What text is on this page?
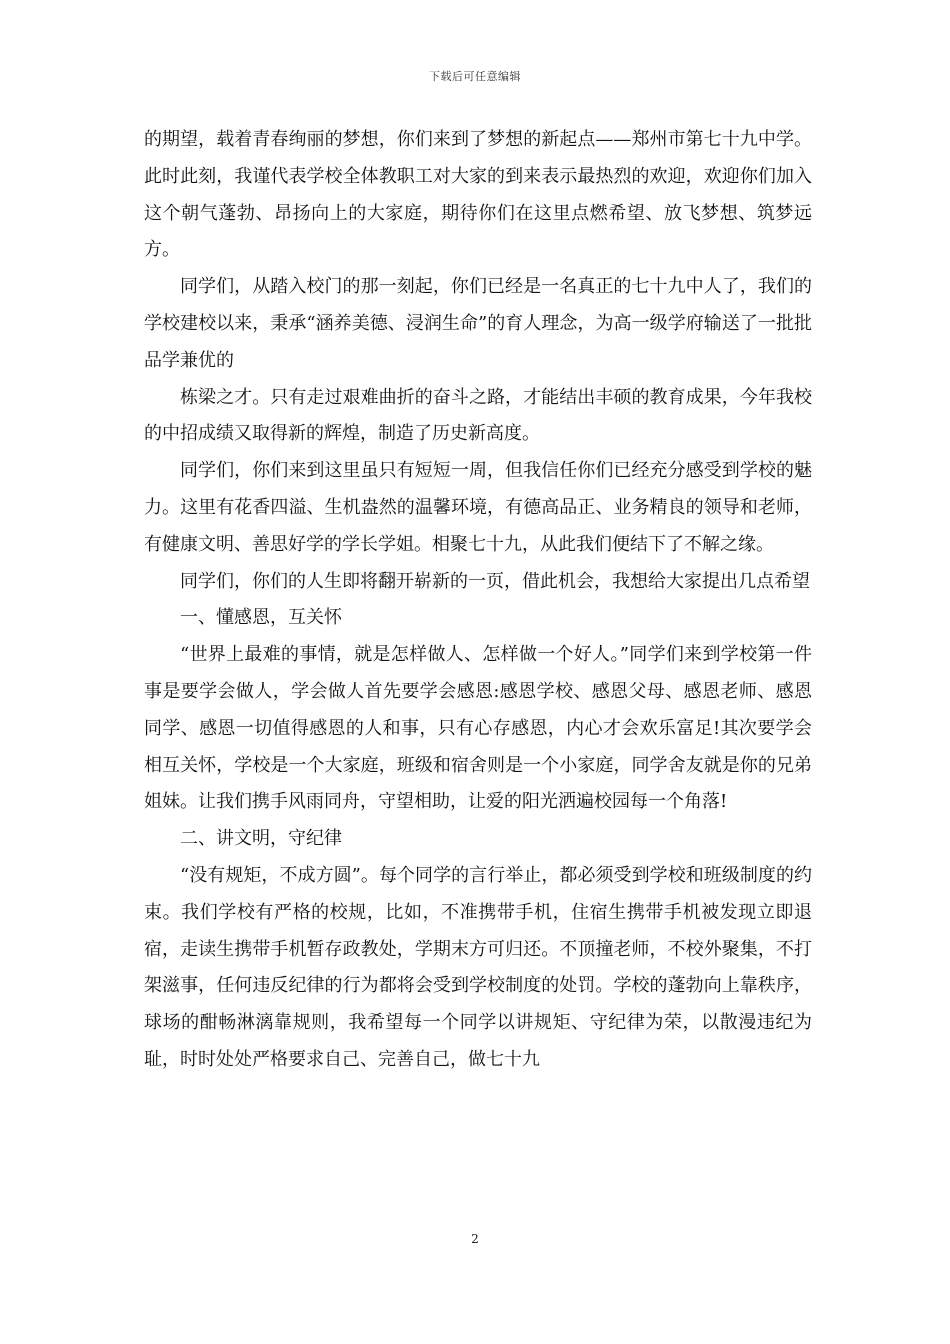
下载后可任意编辑

的期望，载着青春绚丽的梦想，你们来到了梦想的新起点——郑州市第七十九中学。此时此刻，我谨代表学校全体教职工对大家的到来表示最热烈的欢迎，欢迎你们加入这个朝气蓬勃、昂扬向上的大家庭，期待你们在这里点燃希望、放飞梦想、筑梦远方。

同学们，从踏入校门的那一刻起，你们已经是一名真正的七十九中人了，我们的学校建校以来，秉承“涵养美德、浸润生命”的育人理念，为高一级学府输送了一批批品学兼优的

栋梁之才。只有走过艰难曲折的奋斗之路，才能结出丰硕的教育成果，今年我校的中招成绩又取得新的辉煌，制造了历史新高度。

同学们，你们来到这里虽只有短短一周，但我信任你们已经充分感受到学校的魅力。这里有花香四溢、生机盎然的温馨环境，有德高品正、业务精良的领导和老师，有健康文明、善思好学的学长学姐。相聚七十九，从此我们便结下了不解之缘。

同学们，你们的人生即将翻开崭新的一页，借此机会，我想给大家提出几点希望

一、懂感恩，互关怀

“世界上最难的事情，就是怎样做人、怎样做一个好人。”同学们来到学校第一件事是要学会做人，学会做人首先要学会感恩:感恩学校、感恩父母、感恩老师、感恩同学、感恩一切值得感恩的人和事，只有心存感恩，内心才会欢乐富足!其次要学会相互关怀，学校是一个大家庭，班级和宿舍则是一个小家庭，同学舍友就是你的兄弟姐妹。让我们携手风雨同舟，守望相助，让爱的阳光洒遍校园每一个角落!

二、讲文明，守纪律

“没有规矩，不成方圆”。每个同学的言行举止，都必须受到学校和班级制度的约束。我们学校有严格的校规，比如，不准携带手机，住宿生携带手机被发现立即退宿，走读生携带手机暂存政教处，学期末方可归还。不顶撞老师，不校外聚集，不打架滋事，任何违反纪律的行为都将会受到学校制度的处罚。学校的蓬勃向上靠秩序，球场的酣畅淋漓靠规则，我希望每一个同学以讲规矩、守纪律为荣，以散漫违纪为耻，时时处处严格要求自己、完善自己，做七十九

2
